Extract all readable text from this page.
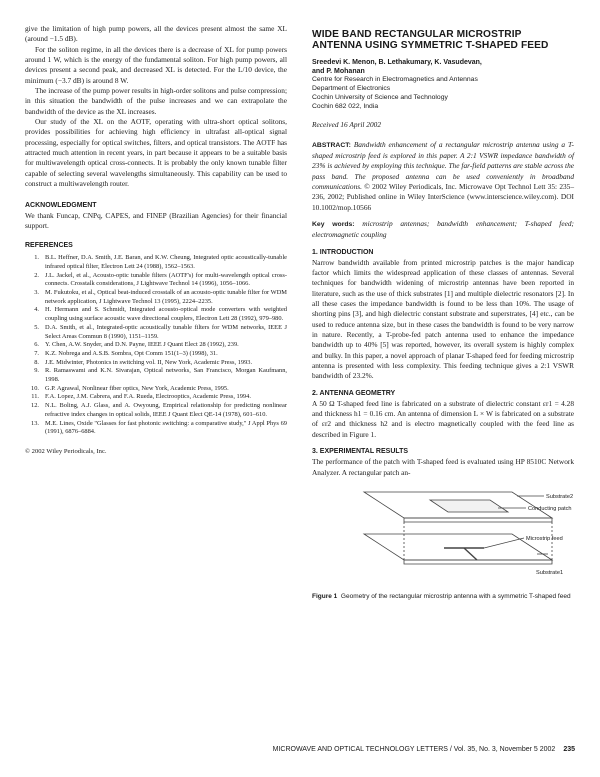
give the limitation of high pump powers, all the devices present almost the same XL (around −1.5 dB).

For the soliton regime, in all the devices there is a decrease of XL for pump powers around 1 W, which is the energy of the fundamental soliton. For high pump powers, all devices present a second peak, and decreased XL is detected. For the L/10 device, the minimum (−3.7 dB) is around 8 W.

The increase of the pump power results in high-order solitons and pulse compression; in this situation the bandwidth of the pulse increases and we can extrapolate the bandwidth of the device as the XL increases.

Our study of the XL on the AOTF, operating with ultra-short optical solitons, provides possibilities for achieving high efficiency in ultrafast all-optical signal processing, especially for optical switches, filters, and optical transistors. The AOTF has attracted much attention in recent years, in part because it appears to be a suitable basis for multiwavelength optical cross-connects. It is probably the only known tunable filter capable of selecting several wavelengths simultaneously. This capability can be used to construct a multiwavelength router.

ACKNOWLEDGMENT

We thank Funcap, CNPq, CAPES, and FINEP (Brazilian Agencies) for their financial support.

REFERENCES

1. B.L. Heffner, D.A. Smith, J.E. Baran, and K.W. Cheung, Integrated optic acoustically-tunable infrared optical filter, Electron Lett 24 (1988), 1562–1563.
2. J.L. Jackel, et al., Acousto-optic tunable filters (AOTF's) for multi-wavelength optical cross-connects. Crosstalk considerations, J Lightwave Technol 14 (1996), 1056–1066.
3. M. Fukutoku, et al., Optical beat-induced crosstalk of an acousto-optic tunable filter for WDM network application, J Lightwave Technol 13 (1995), 2224–2235.
4. H. Hermann and S. Schmidt, Integrated acousto-optical mode converters with weighted coupling using surface acoustic wave directional couplers, Electron Lett 28 (1992), 979–980.
5. D.A. Smith, et al., Integrated-optic acoustically tunable filters for WDM networks, IEEE J Select Areas Commun 8 (1990), 1151–1159.
6. Y. Chen, A.W. Snyder, and D.N. Payne, IEEE J Quant Elect 28 (1992), 239.
7. K.Z. Nobrega and A.S.B. Sombra, Opt Comm 151(1–3) (1998), 31.
8. J.E. Midwinter, Photonics in switching vol. II, New York, Academic Press, 1993.
9. R. Ramaswami and K.N. Sivarajan, Optical networks, San Francisco, Morgan Kaufmann, 1998.
10. G.P. Agrawal, Nonlinear fiber optics, New York, Academic Press, 1995.
11. F.A. Lopez, J.M. Cabrera, and F.A. Rueda, Electrooptics, Academic Press, 1994.
12. N.L. Boling, A.J. Glass, and A. Owyoung, Empirical relationship for predicting nonlinear refractive index changes in optical solids, IEEE J Quant Elect QE-14 (1978), 601–610.
13. M.E. Lines, Oxide "Glasses for fast photonic switching: a comparative study," J Appl Phys 69 (1991), 6876–6884.

© 2002 Wiley Periodicals, Inc.

WIDE BAND RECTANGULAR MICROSTRIP ANTENNA USING SYMMETRIC T-SHAPED FEED

Sreedevi K. Menon, B. Lethakumary, K. Vasudevan,

and P. Mohanan

Centre for Research in Electromagnetics and Antennas

Department of Electronics

Cochin University of Science and Technology

Cochin 682 022, India

Received 16 April 2002

ABSTRACT: Bandwidth enhancement of a rectangular microstrip antenna using a T-shaped microstrip feed is explored in this paper. A 2:1 VSWR impedance bandwidth of 23% is achieved by employing this technique. The far-field patterns are stable across the pass band. The proposed antenna can be used conveniently in broadband communications. © 2002 Wiley Periodicals, Inc. Microwave Opt Technol Lett 35: 235–236, 2002; Published online in Wiley InterScience (www.interscience.wiley.com). DOI 10.1002/mop.10566

Key words: microstrip antennas; bandwidth enhancement; T-shaped feed; electromagnetic coupling

1. INTRODUCTION

Narrow bandwidth available from printed microstrip patches is the major handicap factor which limits the widespread application of these classes of antennas. Several techniques for bandwidth widening of microstrip antennas have been reported in literature, such as the use of thick substrates [1] and multiple dielectric resonators [2]. In all these cases the impedance bandwidth is found to be less than 10%. The usage of shorting pins [3], and high dielectric constant substrate and superstrates, [4] etc., can be used to reduce antenna size, but in these cases the bandwidth is found to be very narrow in nature. Recently, a T-probe-fed patch antenna used to enhance the impedance bandwidth up to 40% [5] was reported, however, its overall system is highly complex and bulky. In this paper, a novel approach of planar T-shaped feed for feeding microstrip antenna is presented with less complexity. This feeding technique gives a 2:1 VSWR bandwidth of 23.2%.

2. ANTENNA GEOMETRY

A 50 Ω T-shaped feed line is fabricated on a substrate of dielectric constant εr1 = 4.28 and thickness h1 = 0.16 cm. An antenna of dimension L × W is fabricated on a substrate of εr2 and thickness h2 and is electro magnetically coupled with the feed line as described in Figure 1.

3. EXPERIMENTAL RESULTS

The performance of the patch with T-shaped feed is evaluated using HP 8510C Network Analyzer. A rectangular patch an-

Substrate2
Conducting patch
Microstrip feed
Substrate1

Figure 1 Geometry of the rectangular microstrip antenna with a symmetric T-shaped feed

MICROWAVE AND OPTICAL TECHNOLOGY LETTERS / Vol. 35, No. 3, November 5 2002 235
